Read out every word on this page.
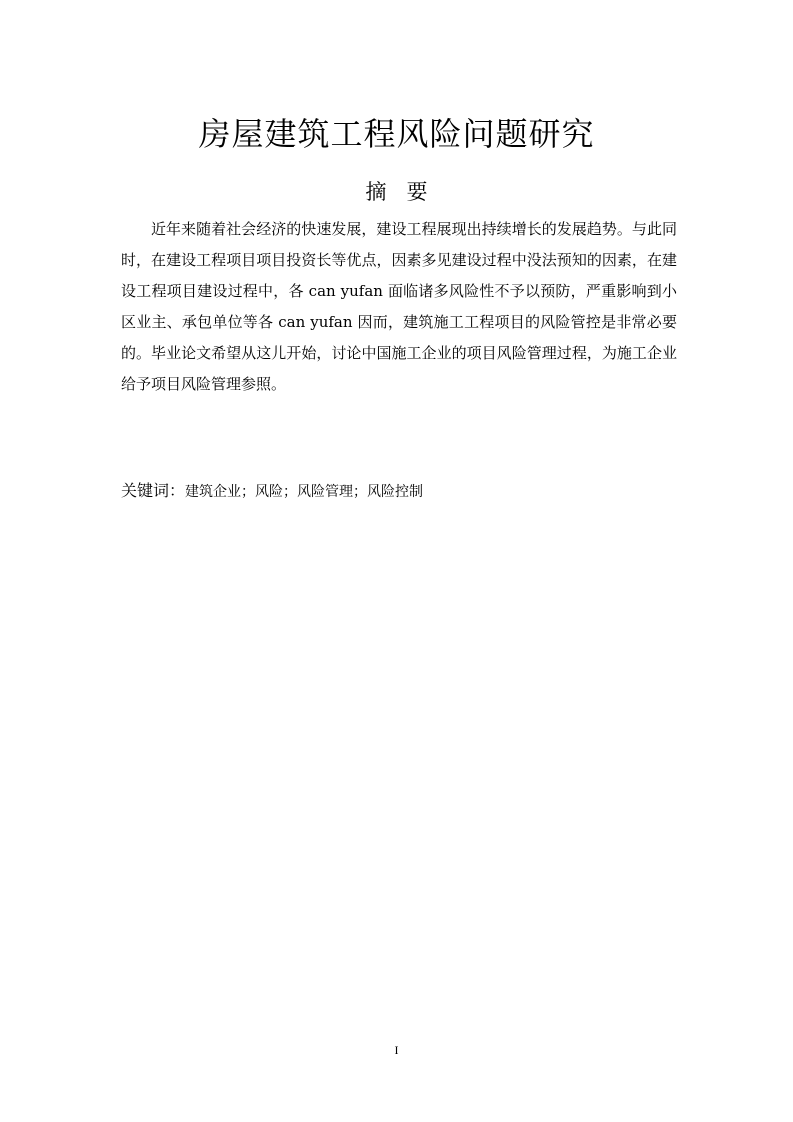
房屋建筑工程风险问题研究
摘要
近年来随着社会经济的快速发展，建设工程展现出持续增长的发展趋势。与此同时，在建设工程项目项目投资长等优点，因素多见建设过程中没法预知的因素，在建设工程项目建设过程中，各 can yufan 面临诸多风险性不予以预防，严重影响到小区业主、承包单位等各 can yufan 因而，建筑施工工程项目的风险管控是非常必要的。毕业论文希望从这儿开始，讨论中国施工企业的项目风险管理过程，为施工企业给予项目风险管理参照。
关键词：建筑企业；风险；风险管理；风险控制
I
